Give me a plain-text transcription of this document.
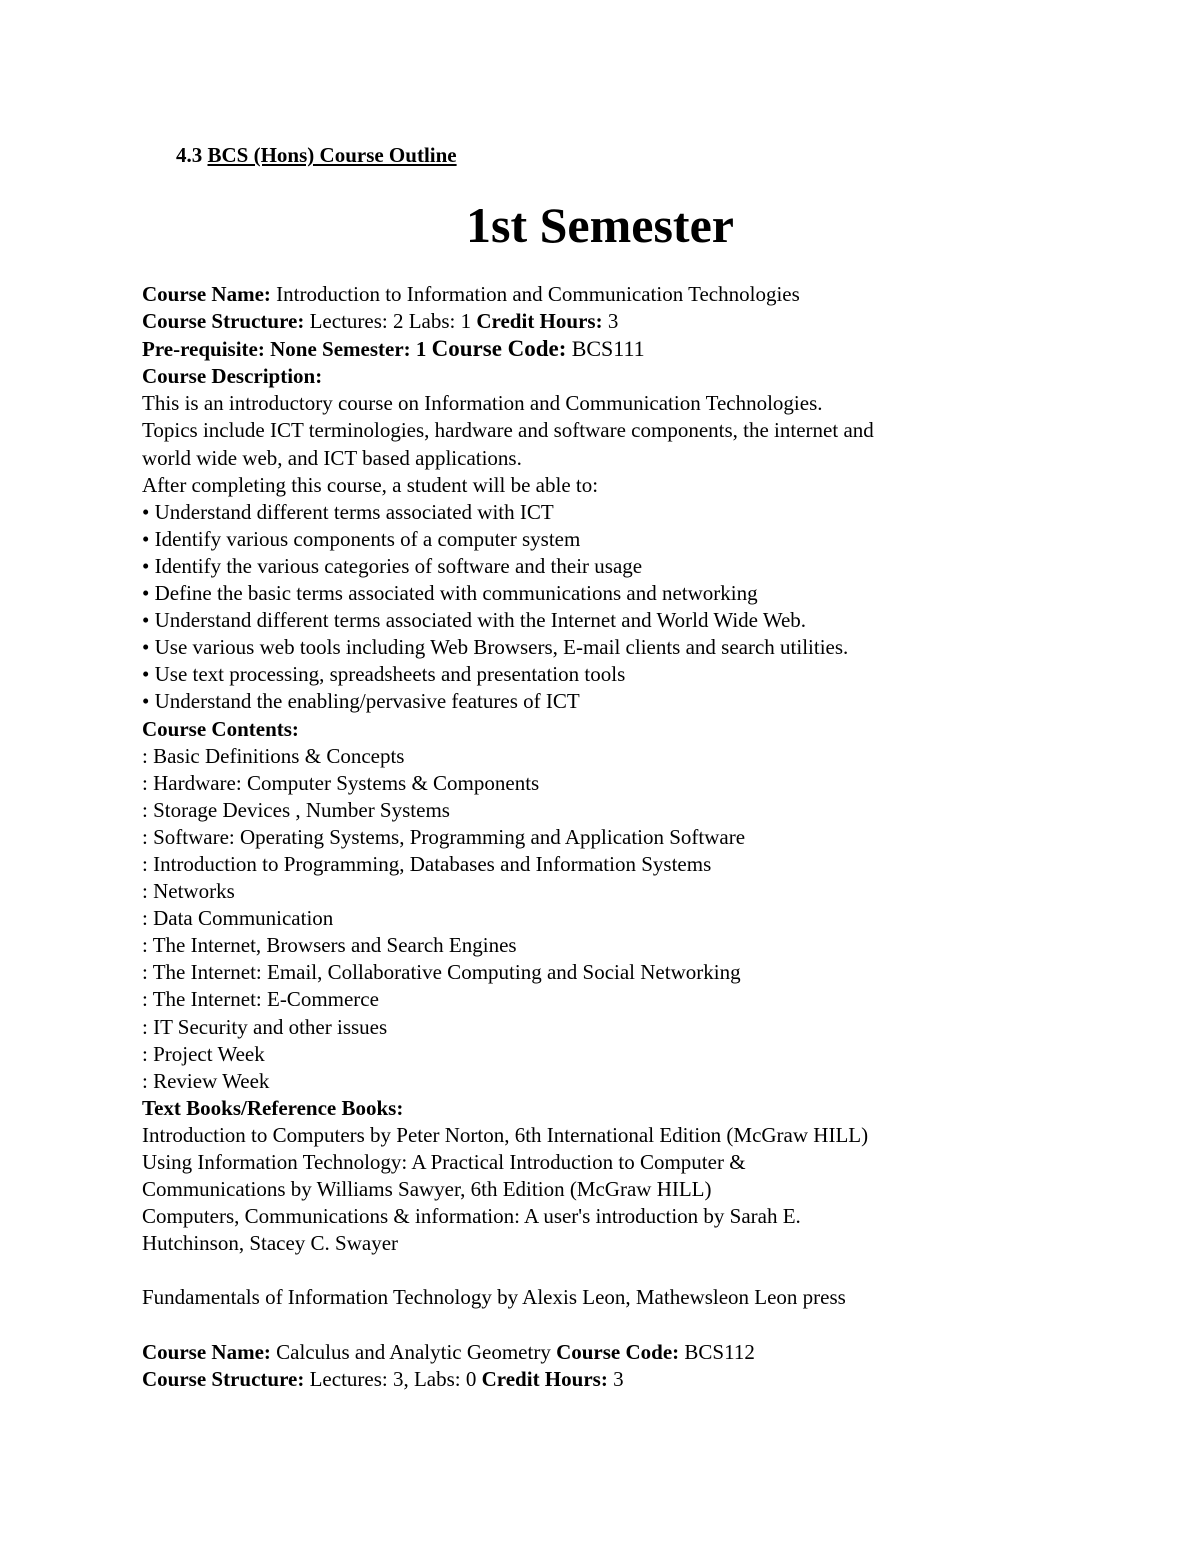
4.3 BCS (Hons) Course Outline
1st Semester
Course Name: Introduction to Information and Communication Technologies
Course Structure: Lectures: 2 Labs: 1 Credit Hours: 3
Pre-requisite: None Semester: 1 Course Code: BCS111
Course Description:
This is an introductory course on Information and Communication Technologies.
Topics include ICT terminologies, hardware and software components, the internet and
world wide web, and ICT based applications.
After completing this course, a student will be able to:
• Understand different terms associated with ICT
• Identify various components of a computer system
• Identify the various categories of software and their usage
• Define the basic terms associated with communications and networking
• Understand different terms associated with the Internet and World Wide Web.
• Use various web tools including Web Browsers, E-mail clients and search utilities.
• Use text processing, spreadsheets and presentation tools
• Understand the enabling/pervasive features of ICT
Course Contents:
: Basic Definitions & Concepts
: Hardware: Computer Systems & Components
: Storage Devices , Number Systems
: Software: Operating Systems, Programming and Application Software
: Introduction to Programming, Databases and Information Systems
: Networks
: Data Communication
: The Internet, Browsers and Search Engines
: The Internet: Email, Collaborative Computing and Social Networking
: The Internet: E-Commerce
: IT Security and other issues
: Project Week
: Review Week
Text Books/Reference Books:
Introduction to Computers by Peter Norton, 6th International Edition (McGraw HILL)
Using Information Technology: A Practical Introduction to Computer &
Communications by Williams Sawyer, 6th Edition (McGraw HILL)
Computers, Communications & information: A user's introduction by Sarah E.
Hutchinson, Stacey C. Swayer
Fundamentals of Information Technology by Alexis Leon, Mathewsleon Leon press
Course Name: Calculus and Analytic Geometry Course Code: BCS112
Course Structure: Lectures: 3, Labs: 0 Credit Hours: 3
